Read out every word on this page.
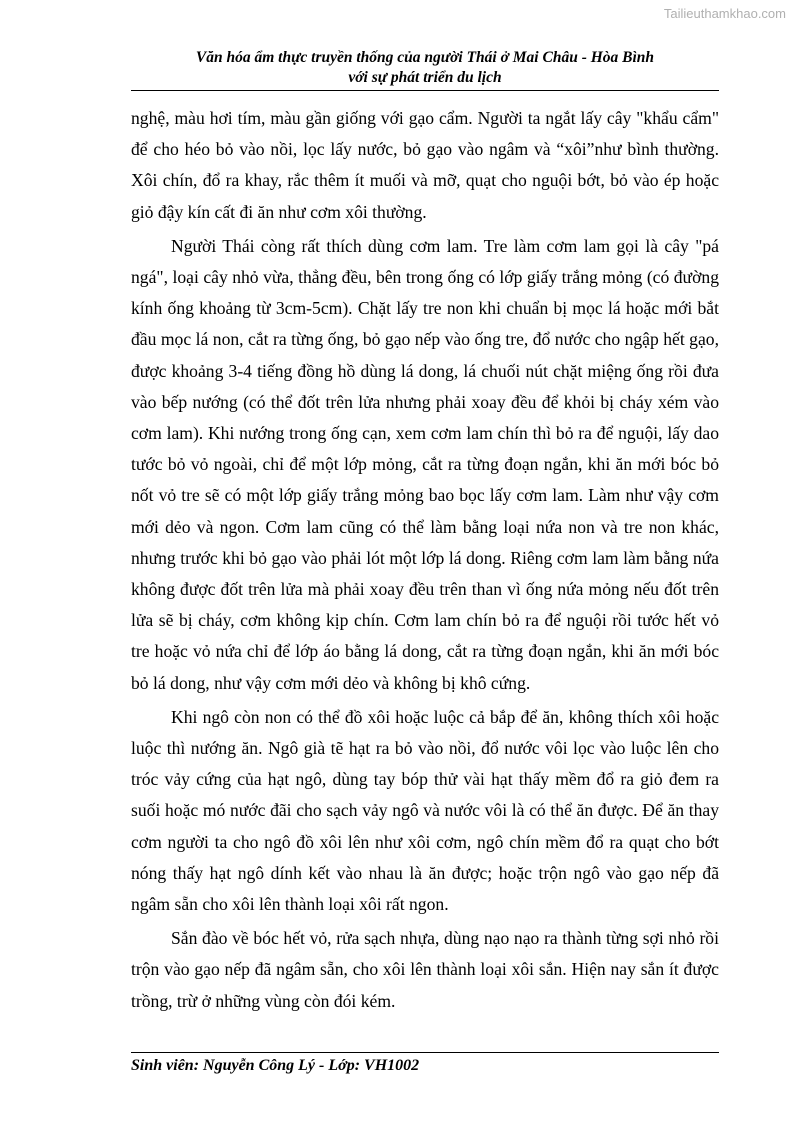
Tailieuthamkhao.com
Văn hóa ẩm thực truyền thống của người Thái ở Mai Châu - Hòa Bình
với sự phát triển du lịch

nghệ, màu hơi tím, màu gần giống với gạo cẩm. Người ta ngắt lấy cây "khẩu cẩm" để cho héo bỏ vào nồi, lọc lấy nước, bỏ gạo vào ngâm và “xôi”như bình thường. Xôi chín, đổ ra khay, rắc thêm ít muối và mỡ, quạt cho nguội bớt, bỏ vào ép hoặc giỏ đậy kín cất đi ăn như cơm xôi thường.

Người Thái còng rất thích dùng cơm lam. Tre làm cơm lam gọi là cây "pá ngá", loại cây nhỏ vừa, thẳng đều, bên trong ống có lớp giấy trắng mỏng (có đường kính ống khoảng từ 3cm-5cm). Chặt lấy tre non khi chuẩn bị mọc lá hoặc mới bắt đầu mọc lá non, cắt ra từng ống, bỏ gạo nếp vào ống tre, đổ nước cho ngập hết gạo, được khoảng 3-4 tiếng đồng hồ dùng lá dong, lá chuối nút chặt miệng ống rồi đưa vào bếp nướng (có thể đốt trên lửa nhưng phải xoay đều để khỏi bị cháy xém vào cơm lam). Khi nướng trong ống cạn, xem cơm lam chín thì bỏ ra để nguội, lấy dao tước bỏ vỏ ngoài, chỉ để một lớp mỏng, cắt ra từng đoạn ngắn, khi ăn mới bóc bỏ nốt vỏ tre sẽ có một lớp giấy trắng mỏng bao bọc lấy cơm lam. Làm như vậy cơm mới dẻo và ngon. Cơm lam cũng có thể làm bằng loại nứa non và tre non khác, nhưng trước khi bỏ gạo vào phải lót một lớp lá dong. Riêng cơm lam làm bằng nứa không được đốt trên lửa mà phải xoay đều trên than vì ống nứa mỏng nếu đốt trên lửa sẽ bị cháy, cơm không kịp chín. Cơm lam chín bỏ ra để nguội rồi tước hết vỏ tre hoặc vỏ nứa chỉ để lớp áo bằng lá dong, cắt ra từng đoạn ngắn, khi ăn mới bóc bỏ lá dong, như vậy cơm mới dẻo và không bị khô cứng.

Khi ngô còn non có thể đồ xôi hoặc luộc cả bắp để ăn, không thích xôi hoặc luộc thì nướng ăn. Ngô già tẽ hạt ra bỏ vào nồi, đổ nước vôi lọc vào luộc lên cho tróc vảy cứng của hạt ngô, dùng tay bóp thử vài hạt thấy mềm đổ ra giỏ đem ra suối hoặc mó nước đãi cho sạch vảy ngô và nước vôi là có thể ăn được. Để ăn thay cơm người ta cho ngô đồ xôi lên như xôi cơm, ngô chín mềm đổ ra quạt cho bớt nóng thấy hạt ngô dính kết vào nhau là ăn được; hoặc trộn ngô vào gạo nếp đã ngâm sẵn cho xôi lên thành loại xôi rất ngon.

Sắn đào về bóc hết vỏ, rửa sạch nhựa, dùng nạo nạo ra thành từng sợi nhỏ rồi trộn vào gạo nếp đã ngâm sẵn, cho xôi lên thành loại xôi sắn. Hiện nay sắn ít được trồng, trừ ở những vùng còn đói kém.

Sinh viên: Nguyễn Công Lý - Lớp: VH1002
